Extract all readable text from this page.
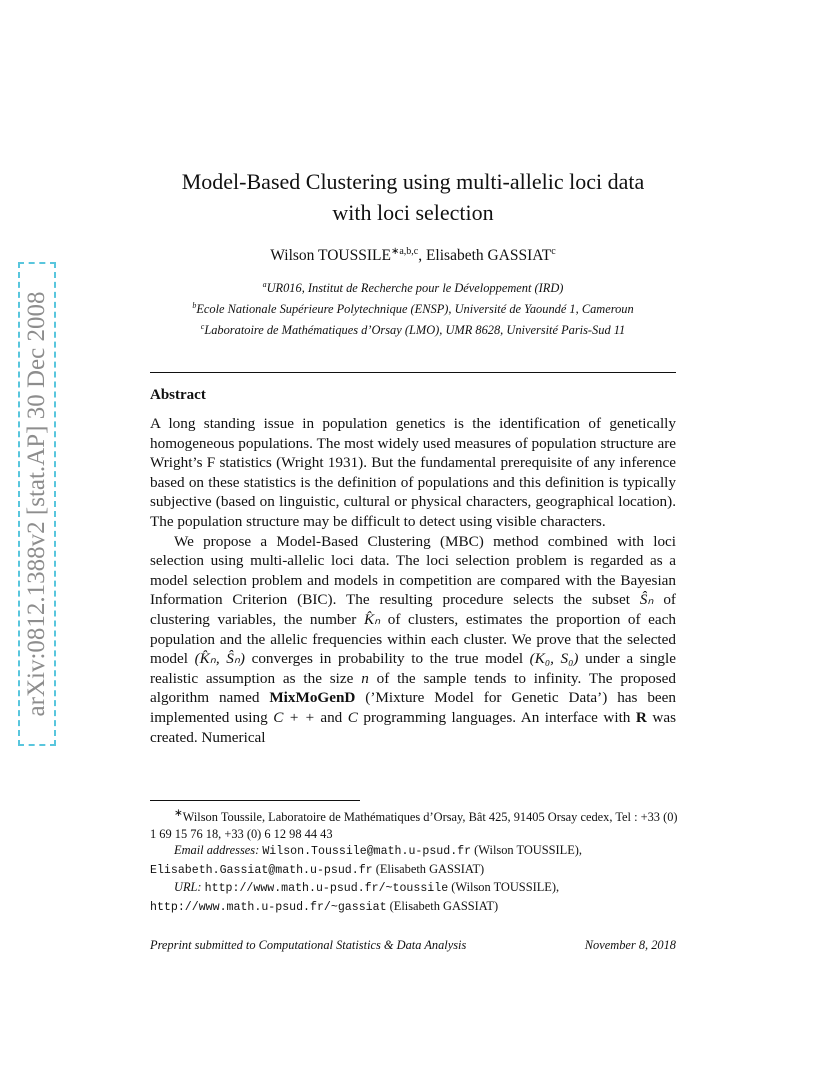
arXiv:0812.1388v2 [stat.AP] 30 Dec 2008
Model-Based Clustering using multi-allelic loci data
with loci selection
Wilson $TOUSSILE^{∗a,b,c}$, Elisabeth GASSIAT$^c$
$^a$UR016, Institut de Recherche pour le Développement (IRD)
$^b$Ecole Nationale Supérieure Polytechnique (ENSP), Université de Yaoundé 1, Cameroun
$^c$Laboratoire de Mathématiques d’Orsay (LMO), UMR 8628, Université Paris-Sud 11
Abstract

A long standing issue in population genetics is the identification of genetically homogeneous populations. The most widely used measures of population structure are Wright’s F statistics (Wright 1931). But the fundamental prerequisite of any inference based on these statistics is the definition of populations and this definition is typically subjective (based on linguistic, cultural or physical characters, geographical location). The population structure may be difficult to detect using visible characters.

We propose a Model-Based Clustering (MBC) method combined with loci selection using multi-allelic loci data. The loci selection problem is regarded as a model selection problem and models in competition are compared with the Bayesian Information Criterion (BIC). The resulting procedure selects the subset Ŝₙ of clustering variables, the number K̂ₙ of clusters, estimates the proportion of each population and the allelic frequencies within each cluster. We prove that the selected model (K̂ₙ, Ŝₙ) converges in probability to the true model (K₀, S₀) under a single realistic assumption as the size n of the sample tends to infinity. The proposed algorithm named MixMoGenD (’Mixture Model for Genetic Data’) has been implemented using C + + and C programming languages. An interface with R was created. Numerical

∗Wilson Toussile, Laboratoire de Mathématiques d’Orsay, Bât 425, 91405 Orsay cedex, Tel : +33 (0) 1 69 15 76 18, +33 (0) 6 12 98 44 43

Email addresses: Wilson.Toussile@math.u-psud.fr (Wilson TOUSSILE),

Elisabeth.Gassiat@math.u-psud.fr (Elisabeth GASSIAT)

URL: http://www.math.u-psud.fr/~toussile (Wilson TOUSSILE),

http://www.math.u-psud.fr/~gassiat (Elisabeth GASSIAT)

Preprint submitted to Computational Statistics & Data Analysis	November 8, 2018
